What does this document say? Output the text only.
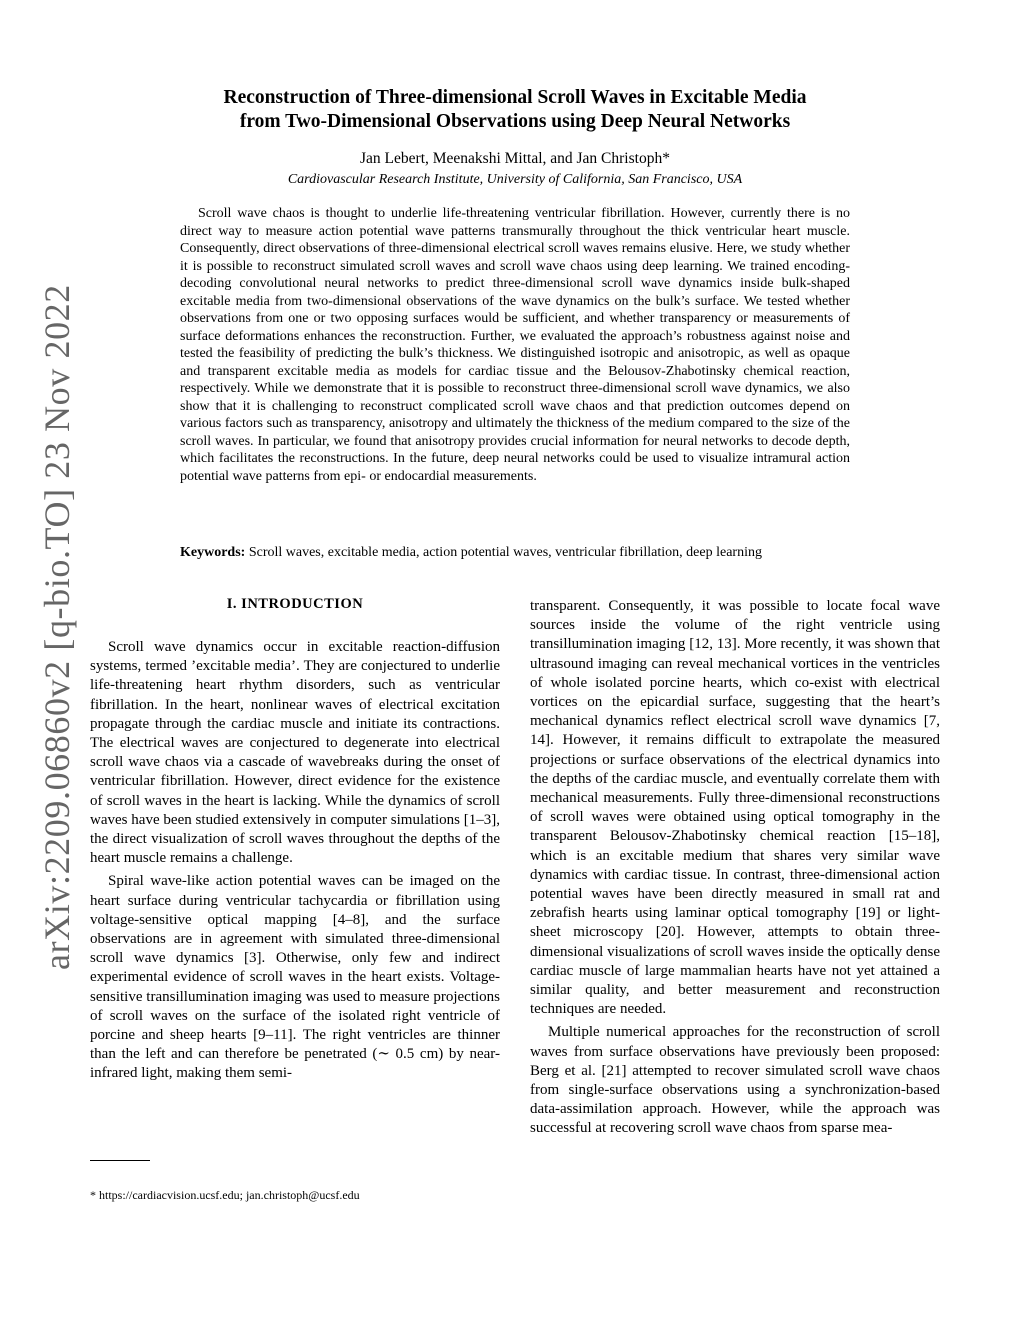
arXiv:2209.06860v2 [q-bio.TO] 23 Nov 2022
Reconstruction of Three-dimensional Scroll Waves in Excitable Media
from Two-Dimensional Observations using Deep Neural Networks
Jan Lebert, Meenakshi Mittal, and Jan Christoph*
Cardiovascular Research Institute, University of California, San Francisco, USA

Scroll wave chaos is thought to underlie life-threatening ventricular fibrillation. However, currently there is no direct way to measure action potential wave patterns transmurally throughout the thick ventricular heart muscle. Consequently, direct observations of three-dimensional electrical scroll waves remains elusive. Here, we study whether it is possible to reconstruct simulated scroll waves and scroll wave chaos using deep learning. We trained encoding-decoding convolutional neural networks to predict three-dimensional scroll wave dynamics inside bulk-shaped excitable media from two-dimensional observations of the wave dynamics on the bulk’s surface. We tested whether observations from one or two opposing surfaces would be sufficient, and whether transparency or measurements of surface deformations enhances the reconstruction. Further, we evaluated the approach’s robustness against noise and tested the feasibility of predicting the bulk’s thickness. We distinguished isotropic and anisotropic, as well as opaque and transparent excitable media as models for cardiac tissue and the Belousov-Zhabotinsky chemical reaction, respectively. While we demonstrate that it is possible to reconstruct three-dimensional scroll wave dynamics, we also show that it is challenging to reconstruct complicated scroll wave chaos and that prediction outcomes depend on various factors such as transparency, anisotropy and ultimately the thickness of the medium compared to the size of the scroll waves. In particular, we found that anisotropy provides crucial information for neural networks to decode depth, which facilitates the reconstructions. In the future, deep neural networks could be used to visualize intramural action potential wave patterns from epi- or endocardial measurements.

Keywords: Scroll waves, excitable media, action potential waves, ventricular fibrillation, deep learning
I. INTRODUCTION

Scroll wave dynamics occur in excitable reaction-diffusion systems, termed ’excitable media’. They are conjectured to underlie life-threatening heart rhythm disorders, such as ventricular fibrillation. In the heart, nonlinear waves of electrical excitation propagate through the cardiac muscle and initiate its contractions. The electrical waves are conjectured to degenerate into electrical scroll wave chaos via a cascade of wavebreaks during the onset of ventricular fibrillation. However, direct evidence for the existence of scroll waves in the heart is lacking. While the dynamics of scroll waves have been studied extensively in computer simulations [1–3], the direct visualization of scroll waves throughout the depths of the heart muscle remains a challenge.

Spiral wave-like action potential waves can be imaged on the heart surface during ventricular tachycardia or fibrillation using voltage-sensitive optical mapping [4–8], and the surface observations are in agreement with simulated three-dimensional scroll wave dynamics [3]. Otherwise, only few and indirect experimental evidence of scroll waves in the heart exists. Voltage-sensitive transillumination imaging was used to measure projections of scroll waves on the surface of the isolated right ventricle of porcine and sheep hearts [9–11]. The right ventricles are thinner than the left and can therefore be penetrated (∼ 0.5 cm) by near-infrared light, making them semi-

transparent. Consequently, it was possible to locate focal wave sources inside the volume of the right ventricle using transillumination imaging [12, 13]. More recently, it was shown that ultrasound imaging can reveal mechanical vortices in the ventricles of whole isolated porcine hearts, which co-exist with electrical vortices on the epicardial surface, suggesting that the heart’s mechanical dynamics reflect electrical scroll wave dynamics [7, 14]. However, it remains difficult to extrapolate the measured projections or surface observations of the electrical dynamics into the depths of the cardiac muscle, and eventually correlate them with mechanical measurements. Fully three-dimensional reconstructions of scroll waves were obtained using optical tomography in the transparent Belousov-Zhabotinsky chemical reaction [15–18], which is an excitable medium that shares very similar wave dynamics with cardiac tissue. In contrast, three-dimensional action potential waves have been directly measured in small rat and zebrafish hearts using laminar optical tomography [19] or light-sheet microscopy [20]. However, attempts to obtain three-dimensional visualizations of scroll waves inside the optically dense cardiac muscle of large mammalian hearts have not yet attained a similar quality, and better measurement and reconstruction techniques are needed.

Multiple numerical approaches for the reconstruction of scroll waves from surface observations have previously been proposed: Berg et al. [21] attempted to recover simulated scroll wave chaos from single-surface observations using a synchronization-based data-assimilation approach. However, while the approach was successful at recovering scroll wave chaos from sparse mea-

* https://cardiacvision.ucsf.edu; jan.christoph@ucsf.edu
